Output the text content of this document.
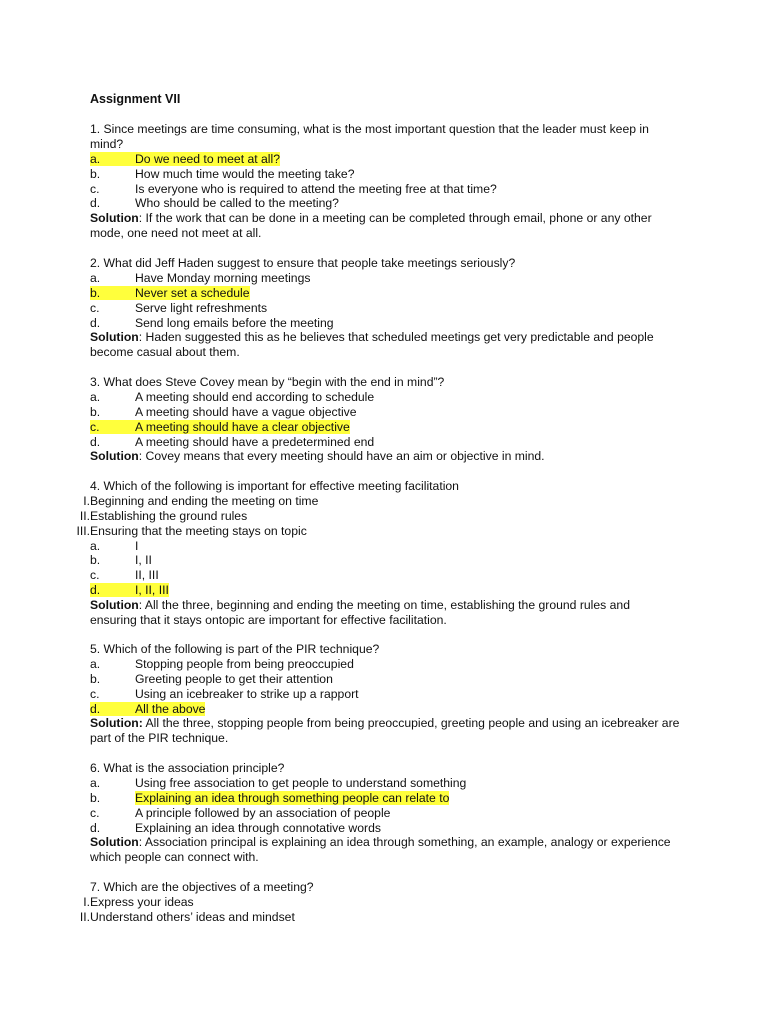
Assignment VII
1. Since meetings are time consuming, what is the most important question that the leader must keep in mind?
a.	Do we need to meet at all?
b.	How much time would the meeting take?
c.	Is everyone who is required to attend the meeting free at that time?
d.	Who should be called to the meeting?
Solution: If the work that can be done in a meeting can be completed through email, phone or any other mode, one need not meet at all.
2. What did Jeff Haden suggest to ensure that people take meetings seriously?
a.	Have Monday morning meetings
b.	Never set a schedule
c.	Serve light refreshments
d.	Send long emails before the meeting
Solution: Haden suggested this as he believes that scheduled meetings get very predictable and people become casual about them.
3. What does Steve Covey mean by “begin with the end in mind”?
a.	A meeting should end according to schedule
b.	A meeting should have a vague objective
c.	A meeting should have a clear objective
d.	A meeting should have a predetermined end
Solution: Covey means that every meeting should have an aim or objective in mind.
4. Which of the following is important for effective meeting facilitation
I. Beginning and ending the meeting on time
II. Establishing the ground rules
III. Ensuring that the meeting stays on topic
a.	I
b.	I, II
c.	II, III
d.	I, II, III
Solution: All the three, beginning and ending the meeting on time, establishing the ground rules and ensuring that it stays ontopic are important for effective facilitation.
5. Which of the following is part of the PIR technique?
a.	Stopping people from being preoccupied
b.	Greeting people to get their attention
c.	Using an icebreaker to strike up a rapport
d.	All the above
Solution: All the three, stopping people from being preoccupied, greeting people and using an icebreaker are part of the PIR technique.
6. What is the association principle?
a.	Using free association to get people to understand something
b.	Explaining an idea through something people can relate to
c.	A principle followed by an association of people
d.	Explaining an idea through connotative words
Solution: Association principal is explaining an idea through something, an example, analogy or experience which people can connect with.
7. Which are the objectives of a meeting?
I. Express your ideas
II. Understand others’ ideas and mindset
